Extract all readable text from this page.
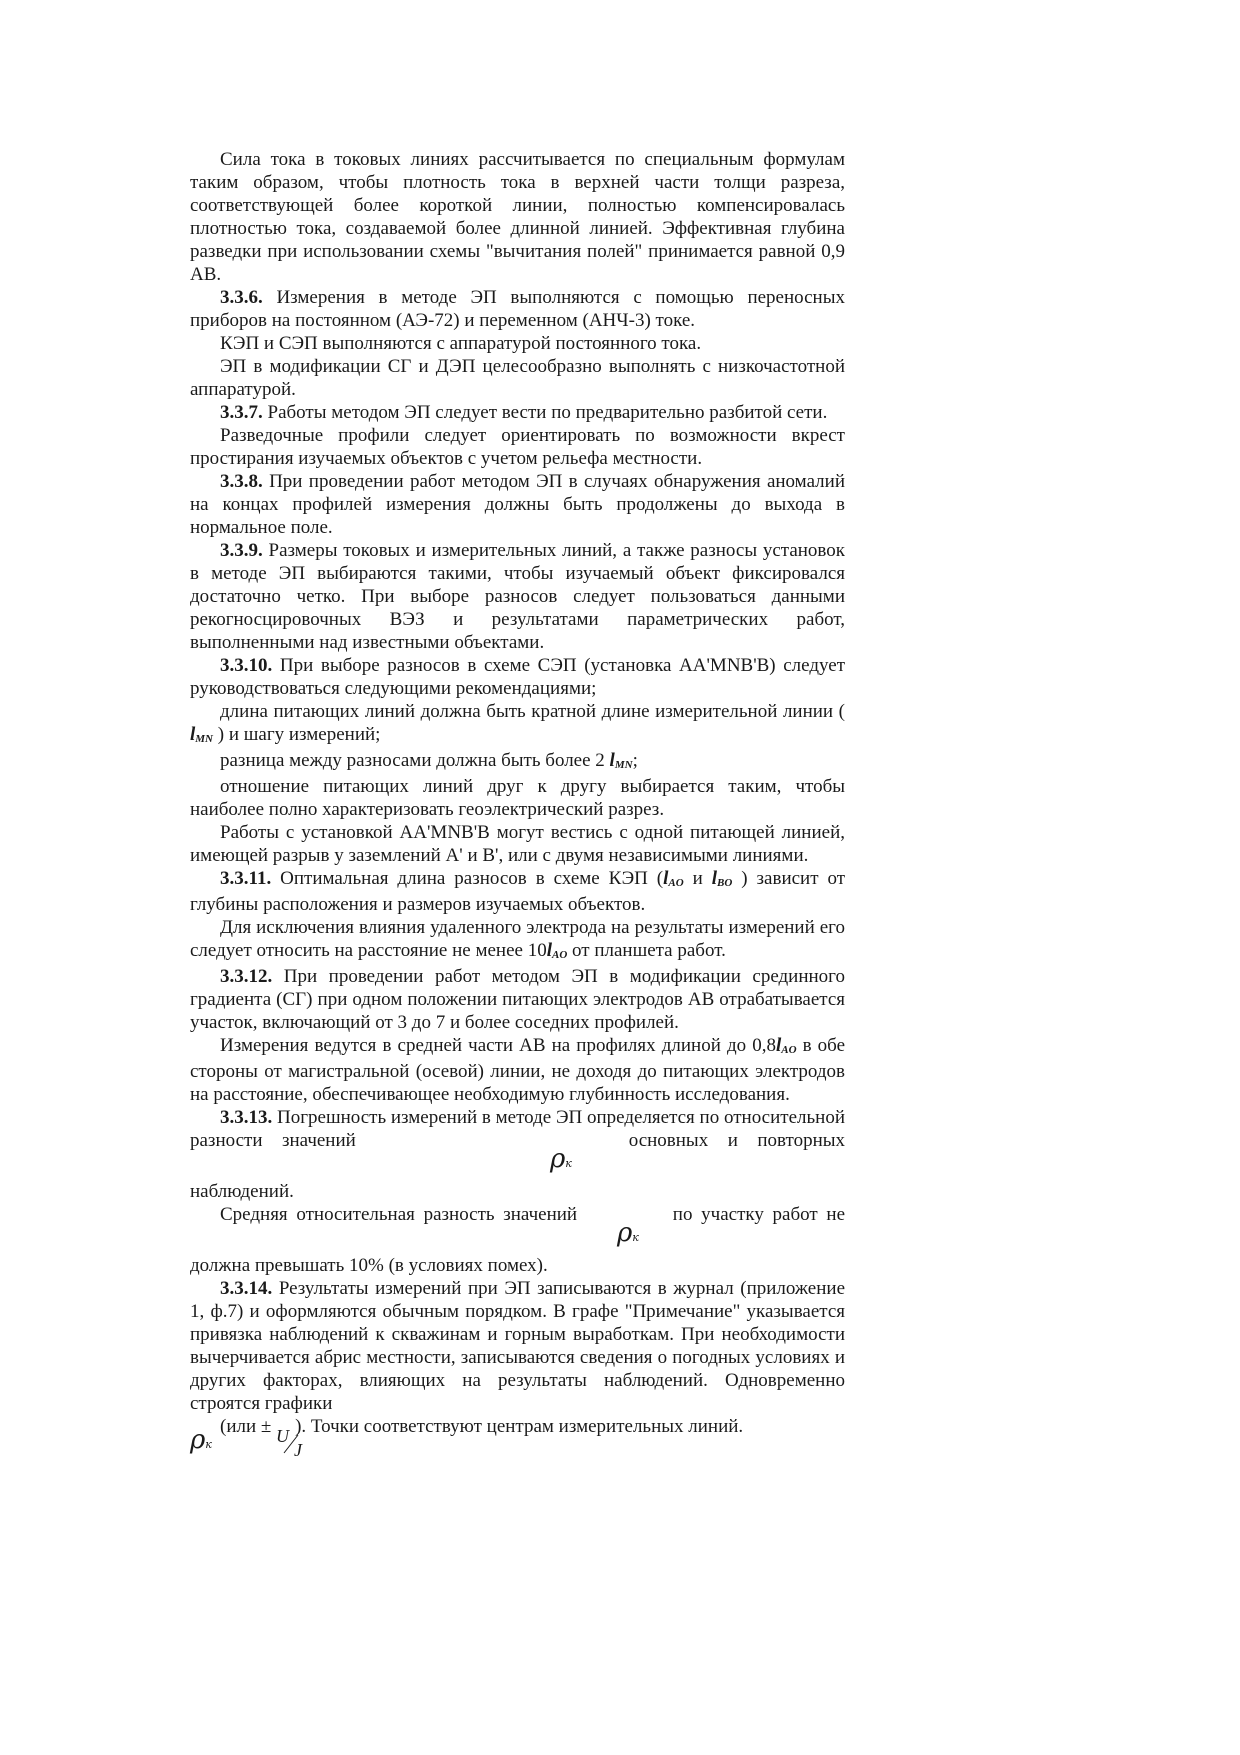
Сила тока в токовых линиях рассчитывается по специальным формулам таким образом, чтобы плотность тока в верхней части толщи разреза, соответствующей более короткой линии, полностью компенсировалась плотностью тока, создаваемой более длинной линией. Эффективная глубина разведки при использовании схемы "вычитания полей" принимается равной 0,9 АВ.

3.3.6. Измерения в методе ЭП выполняются с помощью переносных приборов на постоянном (АЭ-72) и переменном (АНЧ-3) токе.

КЭП и СЭП выполняются с аппаратурой постоянного тока.

ЭП в модификации СГ и ДЭП целесообразно выполнять с низкочастотной аппаратурой.

3.3.7. Работы методом ЭП следует вести по предварительно разбитой сети.

Разведочные профили следует ориентировать по возможности вкрест простирания изучаемых объектов с учетом рельефа местности.

3.3.8. При проведении работ методом ЭП в случаях обнаружения аномалий на концах профилей измерения должны быть продолжены до выхода в нормальное поле.

3.3.9. Размеры токовых и измерительных линий, а также разносы установок в методе ЭП выбираются такими, чтобы изучаемый объект фиксировался достаточно четко. При выборе разносов следует пользоваться данными рекогносцировочных ВЭЗ и результатами параметрических работ, выполненными над известными объектами.

3.3.10. При выборе разносов в схеме СЭП (установка AA'MNB'B) следует руководствоваться следующими рекомендациями;

длина питающих линий должна быть кратной длине измерительной линии ( lMN ) и шагу измерений;

разница между разносами должна быть более 2 lMN;

отношение питающих линий друг к другу выбирается таким, чтобы наиболее полно характеризовать геоэлектрический разрез.

Работы с установкой AA'MNB'B могут вестись с одной питающей линией, имеющей разрыв у заземлений А' и В', или с двумя независимыми линиями.

3.3.11. Оптимальная длина разносов в схеме КЭП (lAO и lBO ) зависит от глубины расположения и размеров изучаемых объектов.

Для исключения влияния удаленного электрода на результаты измерений его следует относить на расстояние не менее 10lAO от планшета работ.

3.3.12. При проведении работ методом ЭП в модификации срединного градиента (СГ) при одном положении питающих электродов АВ отрабатывается участок, включающий от 3 до 7 и более соседних профилей.

Измерения ведутся в средней части АВ на профилях длиной до 0,8lAO в обе стороны от магистральной (осевой) линии, не доходя до питающих электродов на расстояние, обеспечивающее необходимую глубинность исследования.

3.3.13. Погрешность измерений в методе ЭП определяется по относительной разности значений	основных и повторных

ρк

наблюдений.

Средняя относительная разность значений	по участку работ не

ρк

должна превышать 10% (в условиях помех).

3.3.14. Результаты измерений при ЭП записываются в журнал (приложение 1, ф.7) и оформляются обычным порядком. В графе "Примечание" указывается привязка наблюдений к скважинам и горным выработкам. При необходимости вычерчивается абрис местности, записываются сведения о погодных условиях и других факторах, влияющих на результаты наблюдений. Одновременно строятся графики

(или ± ). Точки соответствуют центрам измерительных линий.
ρк	U
J
